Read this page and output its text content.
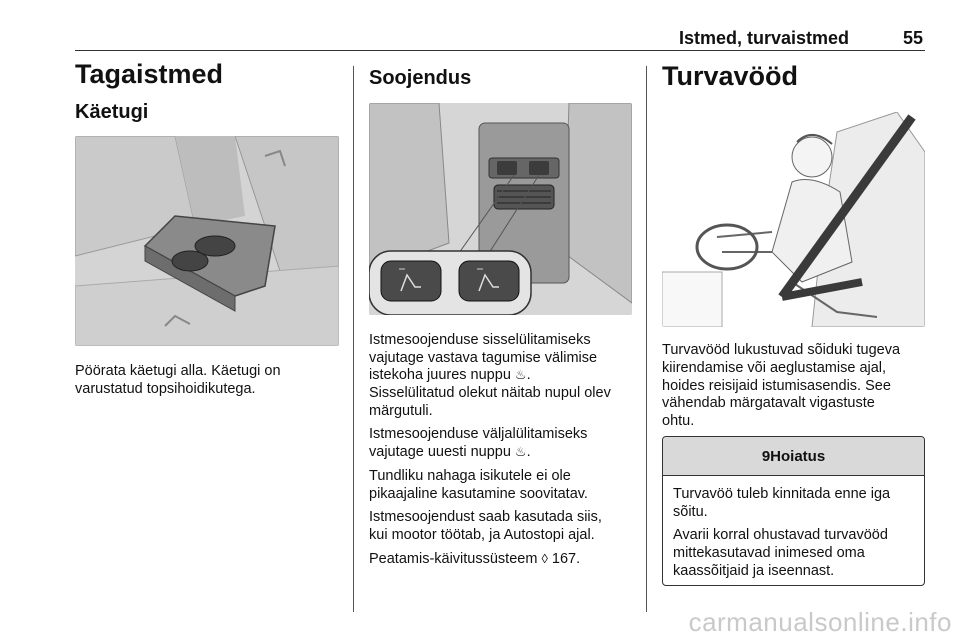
Istmed, turvaistmed	55
Tagaistmed
Käetugi

Pöörata käetugi alla. Käetugi on
varustatud topsihoidikutega.

Soojendus

Istmesoojenduse sisselülitamiseks
vajutage vastava tagumise välimise
istekoha juures nuppu ♨.
Sisselülitatud olekut näitab nupul olev
märgutuli.

Istmesoojenduse väljalülitamiseks
vajutage uuesti nuppu ♨.

Tundliku nahaga isikutele ei ole
pikaajaline kasutamine soovitatav.

Istmesoojendust saab kasutada siis,
kui mootor töötab, ja Autostopi ajal.

Peatamis-käivitussüsteem ◊ 167.

Turvavööd

Turvavööd lukustuvad sõiduki tugeva
kiirendamise või aeglustamise ajal,
hoides reisijaid istumisasendis. See
vähendab märgatavalt vigastuste
ohtu.

9 Hoiatus

Turvavöö tuleb kinnitada enne iga
sõitu.

Avarii korral ohustavad turvavööd
mittekasutavad inimesed oma
kaassõitjaid ja iseennast.

carmanualsonline.info
